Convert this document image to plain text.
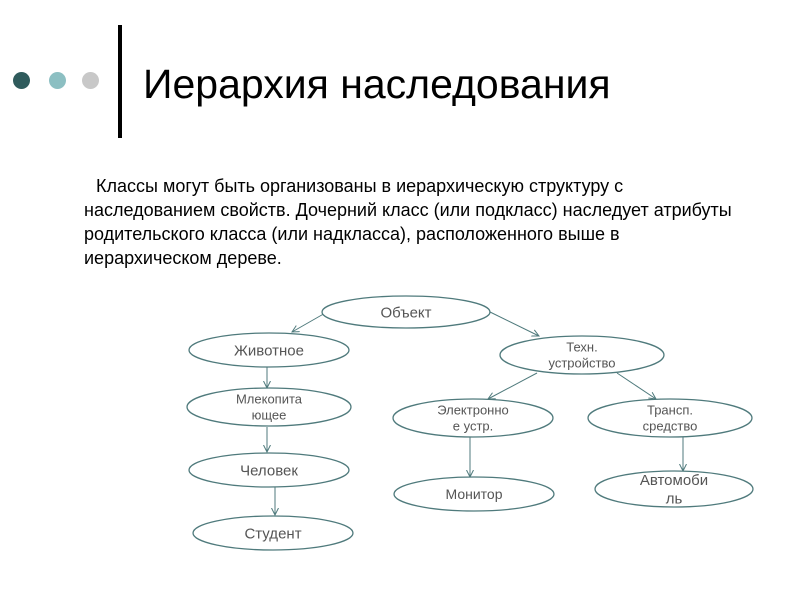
Иерархия наследования
Классы могут быть организованы в иерархическую структуру с наследованием свойств. Дочерний класс (или подкласс) наследует атрибуты родительского класса (или надкласса), расположенного выше в иерархическом дереве.
Объект
Животное
Млекопита
ющее
Человек
Студент
Техн.
устройство
Электронно
е устр.
Монитор
Трансп.
средство
Автомоби
ль
